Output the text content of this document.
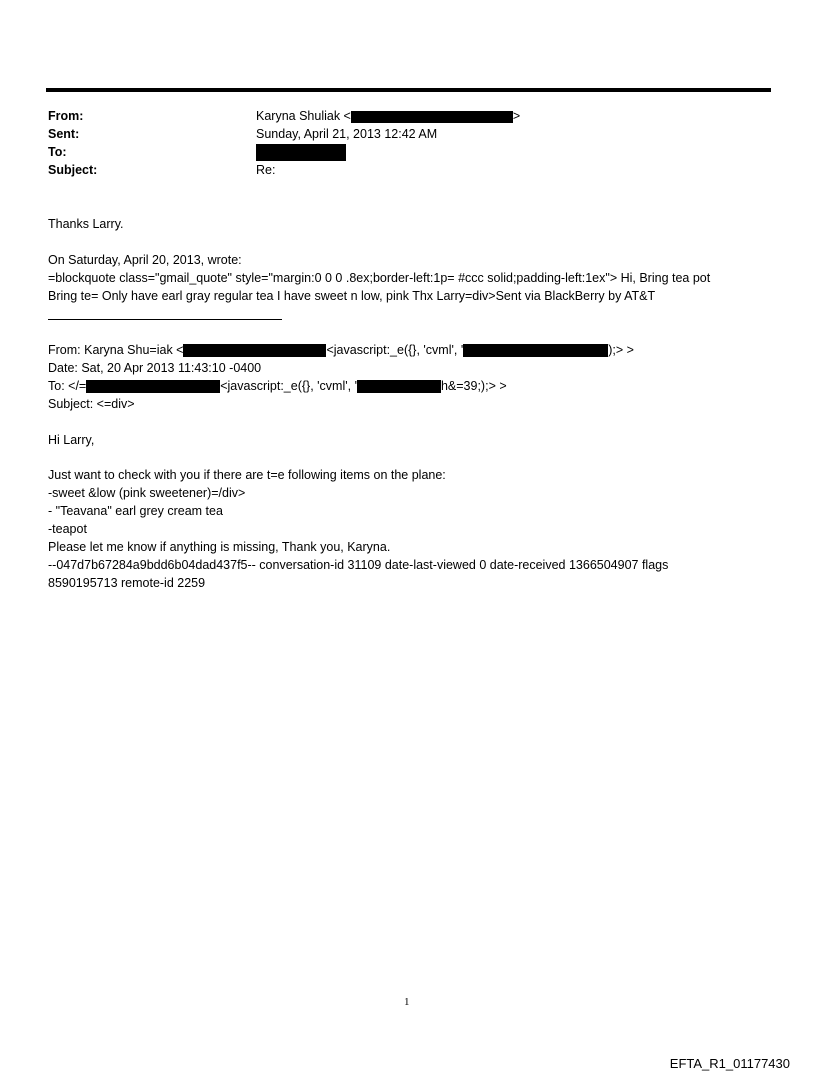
From:	Karyna Shuliak <	>
Sent:	Sunday, April 21, 2013 12:42 AM
To:
Subject:	Re:
Thanks Larry.
On Saturday, April 20, 2013, wrote:
=blockquote class="gmail_quote" style="margin:0 0 0 .8ex;border-left:1p= #ccc solid;padding-left:1ex"> Hi, Bring tea pot
Bring te= Only have earl gray regular tea I have sweet n low, pink Thx Larry=div>Sent via BlackBerry by AT&T
From: Karyna Shu=iak <	<javascript:_e({}, 'cvml', '	);> >
Date: Sat, 20 Apr 2013 11:43:10 -0400
To: </=	<javascript:_e({}, 'cvml', '	h&=39;);> >
Subject: <=div>
Hi Larry,
Just want to check with you if there are t=e following items on the plane:
-sweet &low (pink sweetener)=/div>
- "Teavana" earl grey cream tea
-teapot
Please let me know if anything is missing, Thank you, Karyna.
--047d7b67284a9bdd6b04dad437f5-- conversation-id 31109 date-last-viewed 0 date-received 1366504907 flags
8590195713 remote-id 2259
1
EFTA_R1_01177430
